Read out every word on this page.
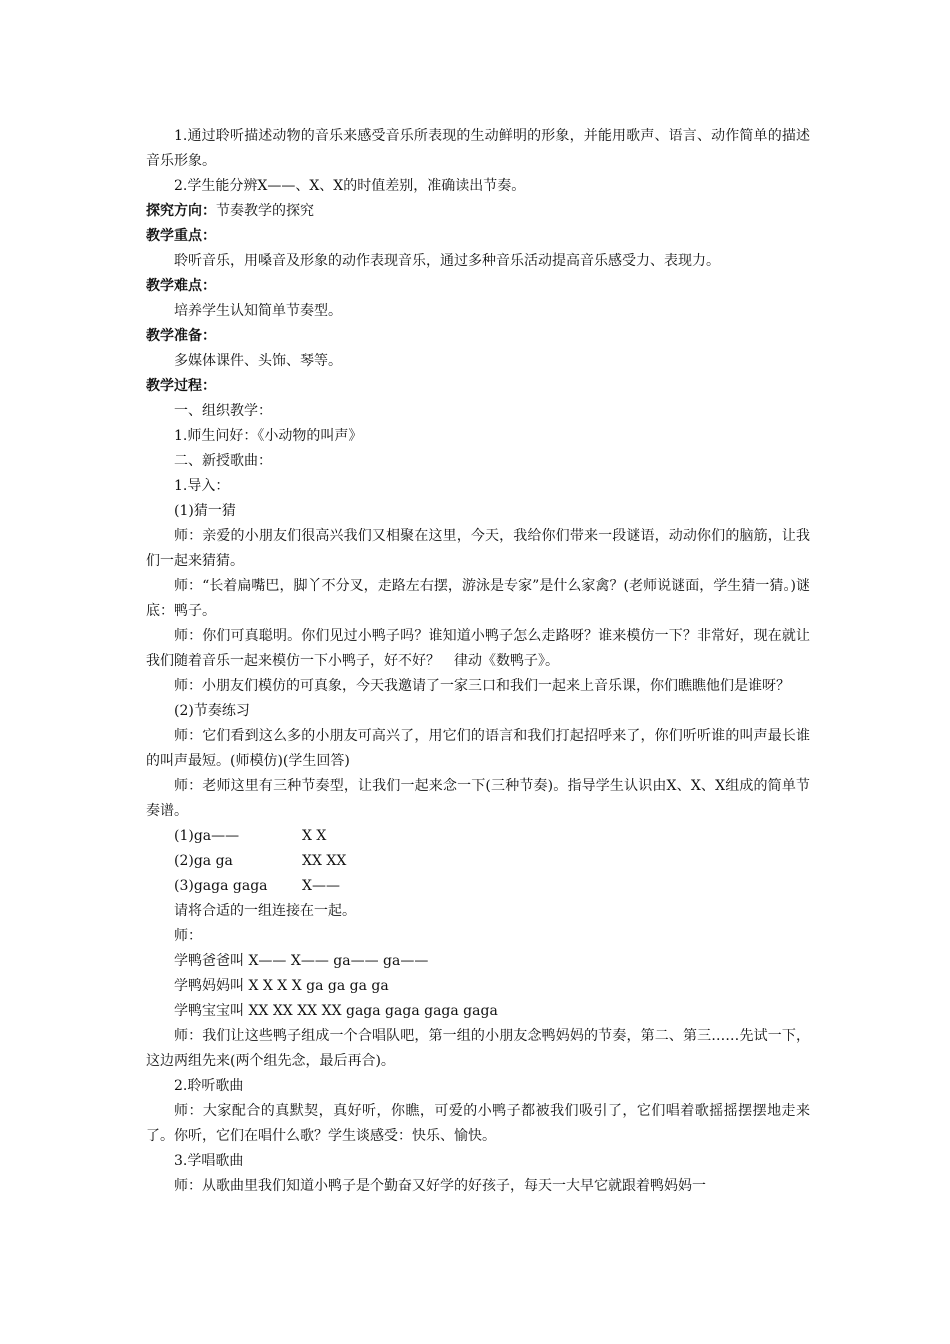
1.通过聆听描述动物的音乐来感受音乐所表现的生动鲜明的形象，并能用歌声、语言、动作简单的描述音乐形象。

2.学生能分辨X——、X、X的时值差别，准确读出节奏。

探究方向：节奏教学的探究

教学重点：

聆听音乐，用嗓音及形象的动作表现音乐，通过多种音乐活动提高音乐感受力、表现力。

教学难点：

培养学生认知简单节奏型。

教学准备：

多媒体课件、头饰、琴等。

教学过程：

一、组织教学：

1.师生问好：《小动物的叫声》

二、新授歌曲：

1.导入：

(1)猜一猜

师：亲爱的小朋友们很高兴我们又相聚在这里，今天，我给你们带来一段谜语，动动你们的脑筋，让我们一起来猜猜。

师：“长着扁嘴巴，脚丫不分叉，走路左右摆，游泳是专家”是什么家禽？(老师说谜面，学生猜一猜。)谜底：鸭子。

师：你们可真聪明。你们见过小鸭子吗？谁知道小鸭子怎么走路呀？谁来模仿一下？非常好，现在就让我们随着音乐一起来模仿一下小鸭子，好不好？　律动《数鸭子》。

师：小朋友们模仿的可真象，今天我邀请了一家三口和我们一起来上音乐课，你们瞧瞧他们是谁呀？

(2)节奏练习

师：它们看到这么多的小朋友可高兴了，用它们的语言和我们打起招呼来了，你们听听谁的叫声最长谁的叫声最短。(师模仿)(学生回答)

师：老师这里有三种节奏型，让我们一起来念一下(三种节奏)。指导学生认识由X、X、X组成的简单节奏谱。

(1)ga——	X X

(2)ga ga	XX XX

(3)gaga gaga X——

请将合适的一组连接在一起。

师：

学鸭爸爸叫 X—— X—— ga—— ga——

学鸭妈妈叫 X X X X ga ga ga ga

学鸭宝宝叫 XX XX XX XX gaga gaga gaga gaga

师：我们让这些鸭子组成一个合唱队吧，第一组的小朋友念鸭妈妈的节奏，第二、第三……先试一下，这边两组先来(两个组先念，最后再合)。

2.聆听歌曲

师：大家配合的真默契，真好听，你瞧，可爱的小鸭子都被我们吸引了，它们唱着歌摇摇摆摆地走来了。你听，它们在唱什么歌？学生谈感受：快乐、愉快。

3.学唱歌曲

师：从歌曲里我们知道小鸭子是个勤奋又好学的好孩子，每天一大早它就跟着鸭妈妈一
